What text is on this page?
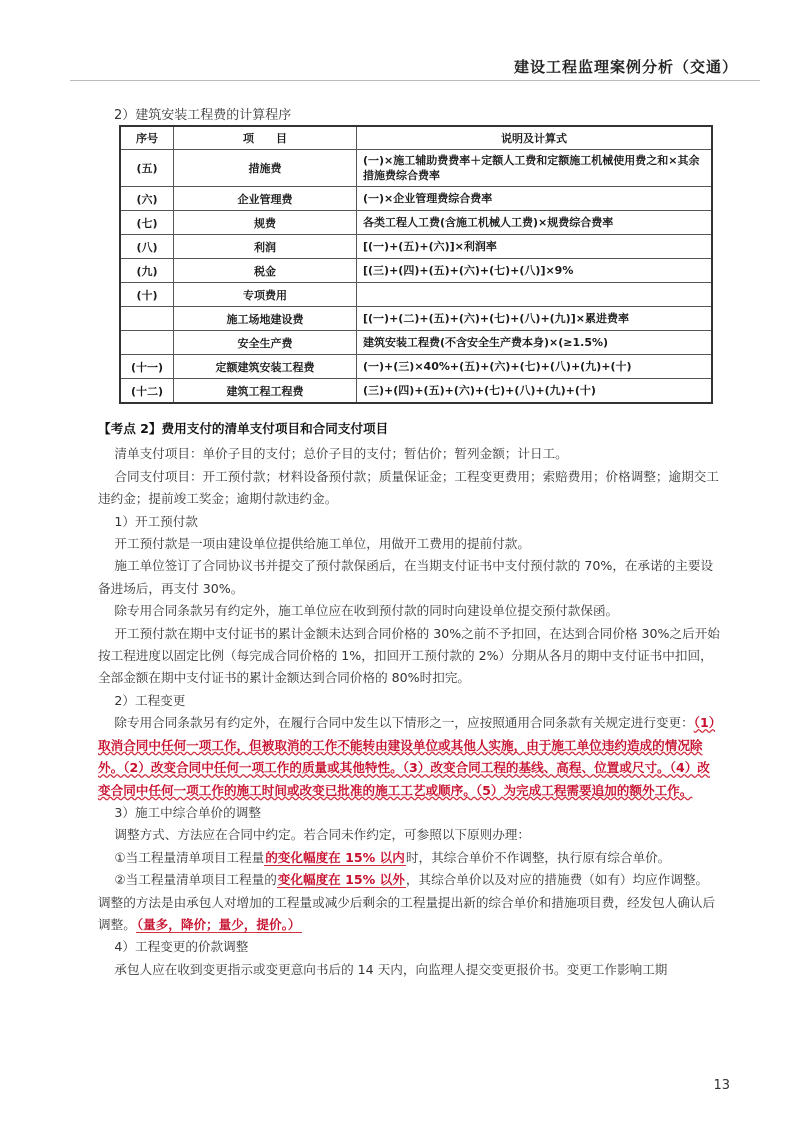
建设工程监理案例分析（交通）
2）建筑安装工程费的计算程序
序号	项　　目	说明及计算式
(五)	措施费	(一)×施工辅助费费率＋定额人工费和定额施工机械使用费之和×其余措施费综合费率
(六)	企业管理费	(一)×企业管理费综合费率
(七)	规费	各类工程人工费(含施工机械人工费)×规费综合费率
(八)	利润	[(一)+(五)+(六)]×利润率
(九)	税金	[(三)+(四)+(五)+(六)+(七)+(八)]×9%
(十)	专项费用	
	施工场地建设费	[(一)+(二)+(五)+(六)+(七)+(八)+(九)]×累进费率
	安全生产费	建筑安装工程费(不含安全生产费本身)×(≥1.5%)
(十一)	定额建筑安装工程费	(一)+(三)×40%+(五)+(六)+(七)+(八)+(九)+(十)
(十二)	建筑工程工程费	(三)+(四)+(五)+(六)+(七)+(八)+(九)+(十)

【考点 2】费用支付的清单支付项目和合同支付项目

清单支付项目：单价子目的支付；总价子目的支付；暂估价；暂列金额；计日工。

合同支付项目：开工预付款；材料设备预付款；质量保证金；工程变更费用；索赔费用；价格调整；逾期交工违约金；提前竣工奖金；逾期付款违约金。

1）开工预付款

开工预付款是一项由建设单位提供给施工单位，用做开工费用的提前付款。

施工单位签订了合同协议书并提交了预付款保函后，在当期支付证书中支付预付款的 70%，在承诺的主要设备进场后，再支付 30%。

除专用合同条款另有约定外，施工单位应在收到预付款的同时向建设单位提交预付款保函。

开工预付款在期中支付证书的累计金额未达到合同价格的 30%之前不予扣回，在达到合同价格 30%之后开始按工程进度以固定比例（每完成合同价格的 1%，扣回开工预付款的 2%）分期从各月的期中支付证书中扣回，全部金额在期中支付证书的累计金额达到合同价格的 80%时扣完。

2）工程变更

除专用合同条款另有约定外，在履行合同中发生以下情形之一，应按照通用合同条款有关规定进行变更：（1）取消合同中任何一项工作，但被取消的工作不能转由建设单位或其他人实施，由于施工单位违约造成的情况除外。（2）改变合同中任何一项工作的质量或其他特性。（3）改变合同工程的基线、高程、位置或尺寸。（4）改变合同中任何一项工作的施工时间或改变已批准的施工工艺或顺序。（5）为完成工程需要追加的额外工作。

3）施工中综合单价的调整

调整方式、方法应在合同中约定。若合同未作约定，可参照以下原则办理：

①当工程量清单项目工程量的变化幅度在 15% 以内时，其综合单价不作调整，执行原有综合单价。

②当工程量清单项目工程量的变化幅度在 15% 以外，其综合单价以及对应的措施费（如有）均应作调整。调整的方法是由承包人对增加的工程量或减少后剩余的工程量提出新的综合单价和措施项目费，经发包人确认后调整。（量多，降价；量少，提价。）

4）工程变更的价款调整

承包人应在收到变更指示或变更意向书后的 14 天内，向监理人提交变更报价书。变更工作影响工期

13
